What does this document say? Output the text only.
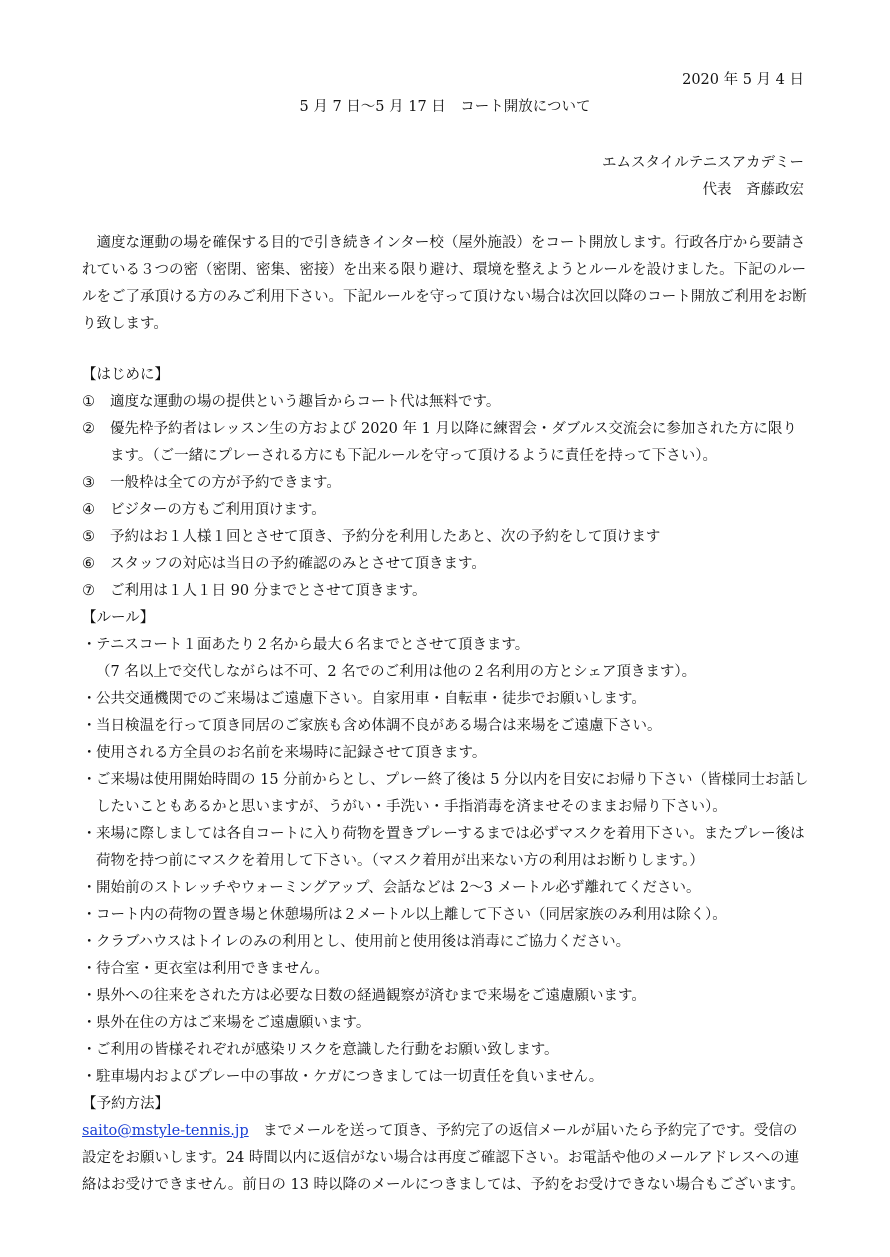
2020 年 5 月 4 日
5 月 7 日～5 月 17 日　コート開放について
エムスタイルテニスアカデミー
代表　斉藤政宏

適度な運動の場を確保する目的で引き続きインター校（屋外施設）をコート開放します。行政各庁から要請されている３つの密（密閉、密集、密接）を出来る限り避け、環境を整えようとルールを設けました。下記のルールをご了承頂ける方のみご利用下さい。下記ルールを守って頂けない場合は次回以降のコート開放ご利用をお断り致します。

【はじめに】
①	適度な運動の場の提供という趣旨からコート代は無料です。
②	優先枠予約者はレッスン生の方および 2020 年 1 月以降に練習会・ダブルス交流会に参加された方に限ります。（ご一緒にプレーされる方にも下記ルールを守って頂けるように責任を持って下さい）。
③	一般枠は全ての方が予約できます。
④	ビジターの方もご利用頂けます。
⑤	予約はお１人様１回とさせて頂き、予約分を利用したあと、次の予約をして頂けます
⑥	スタッフの対応は当日の予約確認のみとさせて頂きます。
⑦	ご利用は１人１日 90 分までとさせて頂きます。
【ルール】
・ テニスコート１面あたり２名から最大６名までとさせて頂きます。
（7 名以上で交代しながらは不可、2 名でのご利用は他の２名利用の方とシェア頂きます）。
・ 公共交通機関でのご来場はご遠慮下さい。自家用車・自転車・徒歩でお願いします。
・ 当日検温を行って頂き同居のご家族も含め体調不良がある場合は来場をご遠慮下さい。
・ 使用される方全員のお名前を来場時に記録させて頂きます。
・ ご来場は使用開始時間の 15 分前からとし、プレー終了後は 5 分以内を目安にお帰り下さい（皆様同士お話ししたいこともあるかと思いますが、うがい・手洗い・手指消毒を済ませそのままお帰り下さい）。
・ 来場に際しましては各自コートに入り荷物を置きプレーするまでは必ずマスクを着用下さい。またプレー後は荷物を持つ前にマスクを着用して下さい。（マスク着用が出来ない方の利用はお断りします。）
・ 開始前のストレッチやウォーミングアップ、会話などは 2～3 メートル必ず離れてください。
・ コート内の荷物の置き場と休憩場所は２メートル以上離して下さい（同居家族のみ利用は除く）。
・ クラブハウスはトイレのみの利用とし、使用前と使用後は消毒にご協力ください。
・ 待合室・更衣室は利用できません。
・ 県外への往来をされた方は必要な日数の経過観察が済むまで来場をご遠慮願います。
・ 県外在住の方はご来場をご遠慮願います。
・ ご利用の皆様それぞれが感染リスクを意識した行動をお願い致します。
・ 駐車場内およびプレー中の事故・ケガにつきましては一切責任を負いません。
【予約方法】

saito@mstyle-tennis.jp　までメールを送って頂き、予約完了の返信メールが届いたら予約完了です。受信の設定をお願いします。24 時間以内に返信がない場合は再度ご確認下さい。お電話や他のメールアドレスへの連絡はお受けできません。前日の 13 時以降のメールにつきましては、予約をお受けできない場合もございます。
